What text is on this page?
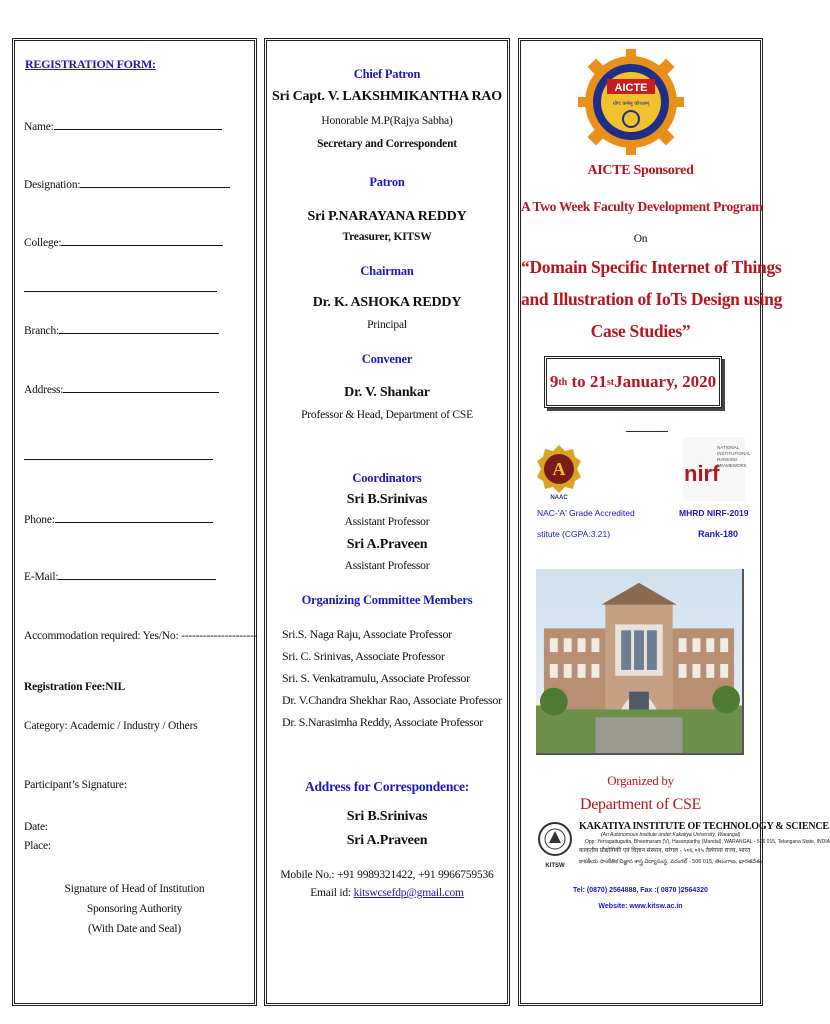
REGISTRATION FORM:
Name:
Designation:
College:
Branch:
Address:
Phone:
E-Mail:
Accommodation required: Yes/No: ---------------------
Registration Fee:NIL
Category: Academic / Industry / Others
Participant’s Signature:
Date:
Place:
Signature of Head of Institution
Sponsoring Authority
(With Date and Seal)
Chief Patron
Sri Capt. V. LAKSHMIKANTHA RAO
Honorable M.P(Rajya Sabha)
Secretary and Correspondent
Patron
Sri P.NARAYANA REDDY
Treasurer, KITSW
Chairman
Dr. K. ASHOKA REDDY
Principal
Convener
Dr. V. Shankar
Professor & Head, Department of CSE
Coordinators
Sri B.Srinivas
Assistant Professor
Sri A.Praveen
Assistant Professor
Organizing Committee Members
Sri.S. Naga Raju, Associate Professor
Sri. C. Srinivas, Associate Professor
Sri. S. Venkatramulu, Associate Professor
Dr. V.Chandra Shekhar Rao, Associate Professor
Dr. S.Narasimha Reddy, Associate Professor
Address for Correspondence:
Sri B.Srinivas
Sri A.Praveen
Mobile No.: +91 9989321422, +91 9966759536
Email id: kitswcsefdp@gmail.com
AICTE
योगः कर्मसु कौशलम्
AICTE Sponsored
A Two Week Faculty Development Program
On
“Domain Specific Internet of Things
and Illustration of IoTs Design using
Case Studies”
9 th to 21 st January, 2020
A
NAAC
nirf
NATIONAL
INSTITUTIONAL
RANKING
FRAMEWORK
NAC-'A' Grade Accredited
stitute (CGPA:3.21)
MHRD NIRF-2019
Rank-180
Organized by
Department of CSE
KITSW
KAKATIYA INSTITUTE OF TECHNOLOGY & SCIENCE
(An Autonomous Institute under Kakatiya University, Warangal)
Opp: Yerragattugutta, Bheemaram (V), Hasanparthy (Mandal), WARANGAL - 506 015, Telangana State, INDIA
काकतीय प्रौद्योगिकी एवं विज्ञान संस्थान, वरंगल - ५०६ ०१५ तेलंगाना राज्य, भारत
కాకతీయ సాంకేతిక విజ్ఞాన శాస్త్ర విద్యాసంస్థ, వరంగల్ - 506 015, తెలంగాణ, భారతదేశం
Tel: (0870) 2564888, Fax :( 0870 )2564320
Website: www.kitsw.ac.in
